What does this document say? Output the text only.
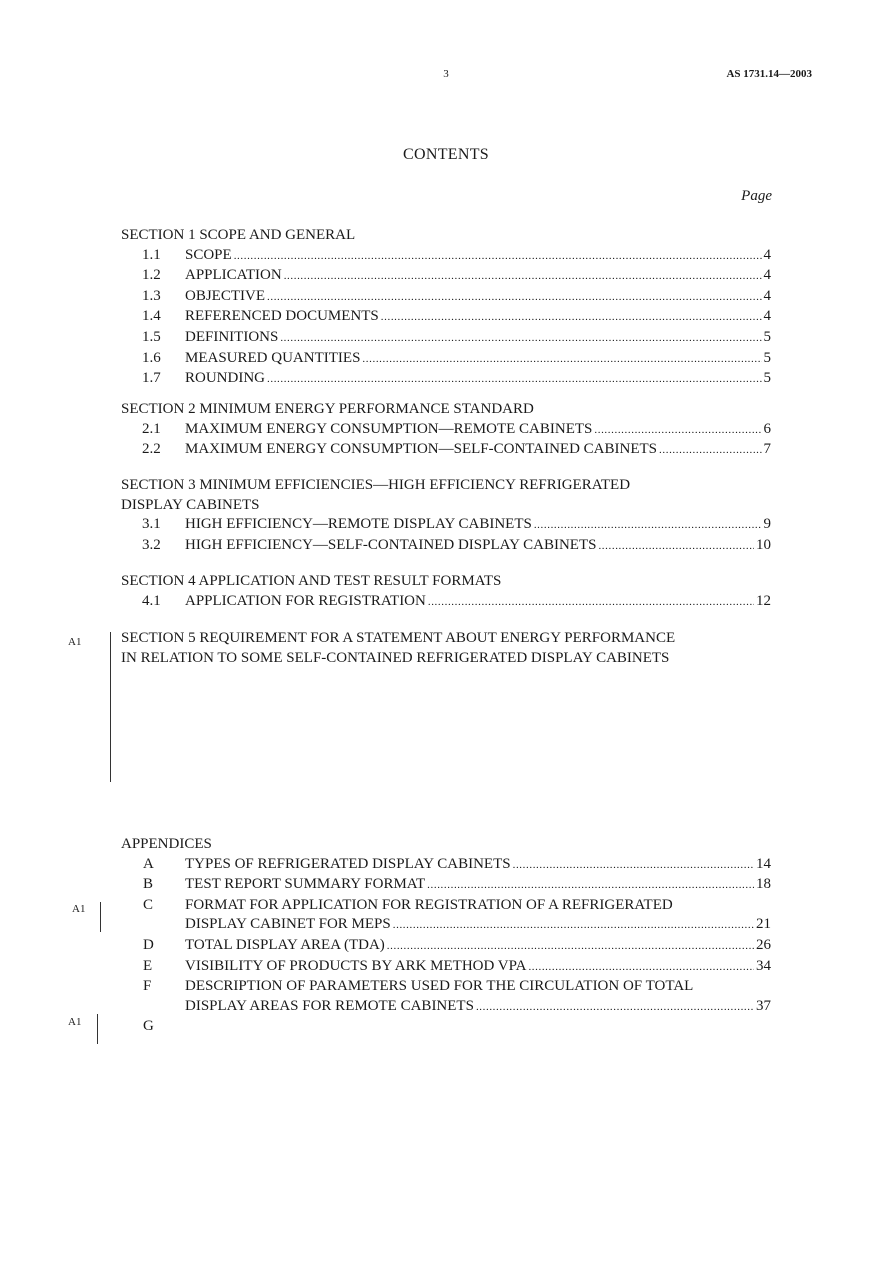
3	AS 1731.14—2003
CONTENTS
Page
SECTION 1 SCOPE AND GENERAL
1.1	SCOPE .....	4
1.2	APPLICATION .....	4
1.3	OBJECTIVE .....	4
1.4	REFERENCED DOCUMENTS .....	4
1.5	DEFINITIONS .....	5
1.6	MEASURED QUANTITIES .....	5
1.7	ROUNDING .....	5
SECTION 2 MINIMUM ENERGY PERFORMANCE STANDARD
2.1	MAXIMUM ENERGY CONSUMPTION—REMOTE CABINETS .....	6
2.2	MAXIMUM ENERGY CONSUMPTION—SELF-CONTAINED CABINETS .....	7
SECTION 3 MINIMUM EFFICIENCIES—HIGH EFFICIENCY REFRIGERATED
DISPLAY CABINETS
3.1	HIGH EFFICIENCY—REMOTE DISPLAY CABINETS .....	9
3.2	HIGH EFFICIENCY—SELF-CONTAINED DISPLAY CABINETS .....	10
SECTION 4 APPLICATION AND TEST RESULT FORMATS
4.1	APPLICATION FOR REGISTRATION .....	12
SECTION 5 REQUIREMENT FOR A STATEMENT ABOUT ENERGY PERFORMANCE
IN RELATION TO SOME SELF-CONTAINED REFRIGERATED DISPLAY CABINETS
APPENDICES
A	TYPES OF REFRIGERATED DISPLAY CABINETS .....	14
B	TEST REPORT SUMMARY FORMAT .....	18
C	FORMAT FOR APPLICATION FOR REGISTRATION OF A REFRIGERATED
DISPLAY CABINET FOR MEPS .....	21
D	TOTAL DISPLAY AREA (TDA) .....	26
E	VISIBILITY OF PRODUCTS BY ARK METHOD VPA .....	34
F	DESCRIPTION OF PARAMETERS USED FOR THE CIRCULATION OF TOTAL
DISPLAY AREAS FOR REMOTE CABINETS .....	37
G
A1
A1
A1
